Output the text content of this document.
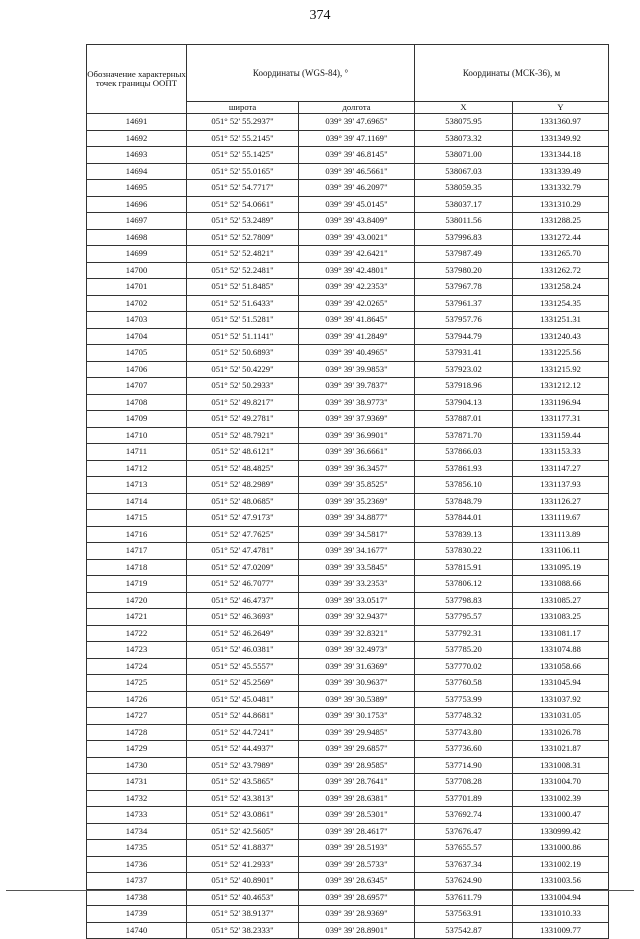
374
Обозначение характерных точек границы ООПТ	Координаты (WGS-84), °		Координаты (МСК-36), м	
	широта	долгота	X	Y
14691	051° 52' 55.2937"	039° 39' 47.6965"	538075.95	1331360.97
14692	051° 52' 55.2145"	039° 39' 47.1169"	538073.32	1331349.92
14693	051° 52' 55.1425"	039° 39' 46.8145"	538071.00	1331344.18
14694	051° 52' 55.0165"	039° 39' 46.5661"	538067.03	1331339.49
14695	051° 52' 54.7717"	039° 39' 46.2097"	538059.35	1331332.79
14696	051° 52' 54.0661"	039° 39' 45.0145"	538037.17	1331310.29
14697	051° 52' 53.2489"	039° 39' 43.8409"	538011.56	1331288.25
14698	051° 52' 52.7809"	039° 39' 43.0021"	537996.83	1331272.44
14699	051° 52' 52.4821"	039° 39' 42.6421"	537987.49	1331265.70
14700	051° 52' 52.2481"	039° 39' 42.4801"	537980.20	1331262.72
14701	051° 52' 51.8485"	039° 39' 42.2353"	537967.78	1331258.24
14702	051° 52' 51.6433"	039° 39' 42.0265"	537961.37	1331254.35
14703	051° 52' 51.5281"	039° 39' 41.8645"	537957.76	1331251.31
14704	051° 52' 51.1141"	039° 39' 41.2849"	537944.79	1331240.43
14705	051° 52' 50.6893"	039° 39' 40.4965"	537931.41	1331225.56
14706	051° 52' 50.4229"	039° 39' 39.9853"	537923.02	1331215.92
14707	051° 52' 50.2933"	039° 39' 39.7837"	537918.96	1331212.12
14708	051° 52' 49.8217"	039° 39' 38.9773"	537904.13	1331196.94
14709	051° 52' 49.2781"	039° 39' 37.9369"	537887.01	1331177.31
14710	051° 52' 48.7921"	039° 39' 36.9901"	537871.70	1331159.44
14711	051° 52' 48.6121"	039° 39' 36.6661"	537866.03	1331153.33
14712	051° 52' 48.4825"	039° 39' 36.3457"	537861.93	1331147.27
14713	051° 52' 48.2989"	039° 39' 35.8525"	537856.10	1331137.93
14714	051° 52' 48.0685"	039° 39' 35.2369"	537848.79	1331126.27
14715	051° 52' 47.9173"	039° 39' 34.8877"	537844.01	1331119.67
14716	051° 52' 47.7625"	039° 39' 34.5817"	537839.13	1331113.89
14717	051° 52' 47.4781"	039° 39' 34.1677"	537830.22	1331106.11
14718	051° 52' 47.0209"	039° 39' 33.5845"	537815.91	1331095.19
14719	051° 52' 46.7077"	039° 39' 33.2353"	537806.12	1331088.66
14720	051° 52' 46.4737"	039° 39' 33.0517"	537798.83	1331085.27
14721	051° 52' 46.3693"	039° 39' 32.9437"	537795.57	1331083.25
14722	051° 52' 46.2649"	039° 39' 32.8321"	537792.31	1331081.17
14723	051° 52' 46.0381"	039° 39' 32.4973"	537785.20	1331074.88
14724	051° 52' 45.5557"	039° 39' 31.6369"	537770.02	1331058.66
14725	051° 52' 45.2569"	039° 39' 30.9637"	537760.58	1331045.94
14726	051° 52' 45.0481"	039° 39' 30.5389"	537753.99	1331037.92
14727	051° 52' 44.8681"	039° 39' 30.1753"	537748.32	1331031.05
14728	051° 52' 44.7241"	039° 39' 29.9485"	537743.80	1331026.78
14729	051° 52' 44.4937"	039° 39' 29.6857"	537736.60	1331021.87
14730	051° 52' 43.7989"	039° 39' 28.9585"	537714.90	1331008.31
14731	051° 52' 43.5865"	039° 39' 28.7641"	537708.28	1331004.70
14732	051° 52' 43.3813"	039° 39' 28.6381"	537701.89	1331002.39
14733	051° 52' 43.0861"	039° 39' 28.5301"	537692.74	1331000.47
14734	051° 52' 42.5605"	039° 39' 28.4617"	537676.47	1330999.42
14735	051° 52' 41.8837"	039° 39' 28.5193"	537655.57	1331000.86
14736	051° 52' 41.2933"	039° 39' 28.5733"	537637.34	1331002.19
14737	051° 52' 40.8901"	039° 39' 28.6345"	537624.90	1331003.56
14738	051° 52' 40.4653"	039° 39' 28.6957"	537611.79	1331004.94
14739	051° 52' 38.9137"	039° 39' 28.9369"	537563.91	1331010.33
14740	051° 52' 38.2333"	039° 39' 28.8901"	537542.87	1331009.77
